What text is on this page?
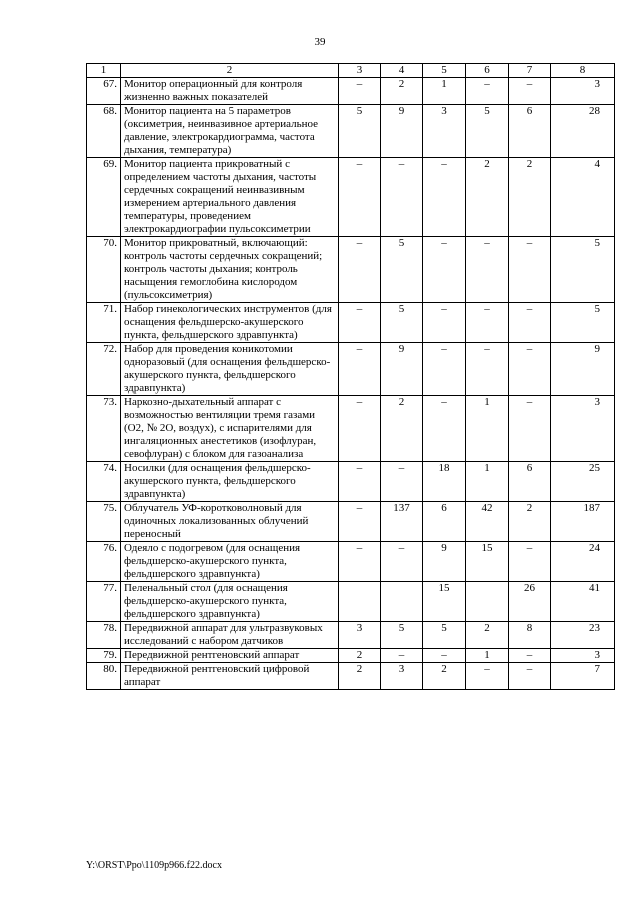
39
1	2	3	4	5	6	7	8
67.	Монитор операционный для контроля жизненно важных показателей	–	2	1	–	–	3
68.	Монитор пациента на 5 параметров (оксиметрия, неинвазивное артериальное давление, электрокардиограмма, частота дыхания, температура)	5	9	3	5	6	28
69.	Монитор пациента прикроватный с определением частоты дыхания, частоты сердечных сокращений неинвазивным измерением артериального давления температуры, проведением электрокардиографии пульсоксиметрии	–	–	–	2	2	4
70.	Монитор прикроватный, включающий: контроль частоты сердечных сокращений; контроль частоты дыхания; контроль насыщения гемоглобина кислородом (пульсоксиметрия)	–	5	–	–	–	5
71.	Набор гинекологических инструментов (для оснащения фельдшерско-акушерского пункта, фельдшерского здравпункта)	–	5	–	–	–	5
72.	Набор для проведения коникотомии одноразовый (для оснащения фельдшерско-акушерского пункта, фельдшерского здравпункта)	–	9	–	–	–	9
73.	Наркозно-дыхательный аппарат с возможностью вентиляции тремя газами (О2, № 2О, воздух), с испарителями для ингаляционных анестетиков (изофлуран, севофлуран) с блоком для газоанализа	–	2	–	1	–	3
74.	Носилки (для оснащения фельдшерско-акушерского пункта, фельдшерского здравпункта)	–	–	18	1	6	25
75.	Облучатель УФ-коротковолновый для одиночных локализованных облучений переносный	–	137	6	42	2	187
76.	Одеяло с подогревом (для оснащения фельдшерско-акушерского пункта, фельдшерского здравпункта)	–	–	9	15	–	24
77.	Пеленальный стол (для оснащения фельдшерско-акушерского пункта, фельдшерского здравпункта)			15		26	41
78.	Передвижной аппарат для ультразвуковых исследований с набором датчиков	3	5	5	2	8	23
79.	Передвижной рентгеновский аппарат	2	–	–	1	–	3
80.	Передвижной рентгеновский цифровой аппарат	2	3	2	–	–	7
Y:\ORST\Ppo\1109p966.f22.docx
